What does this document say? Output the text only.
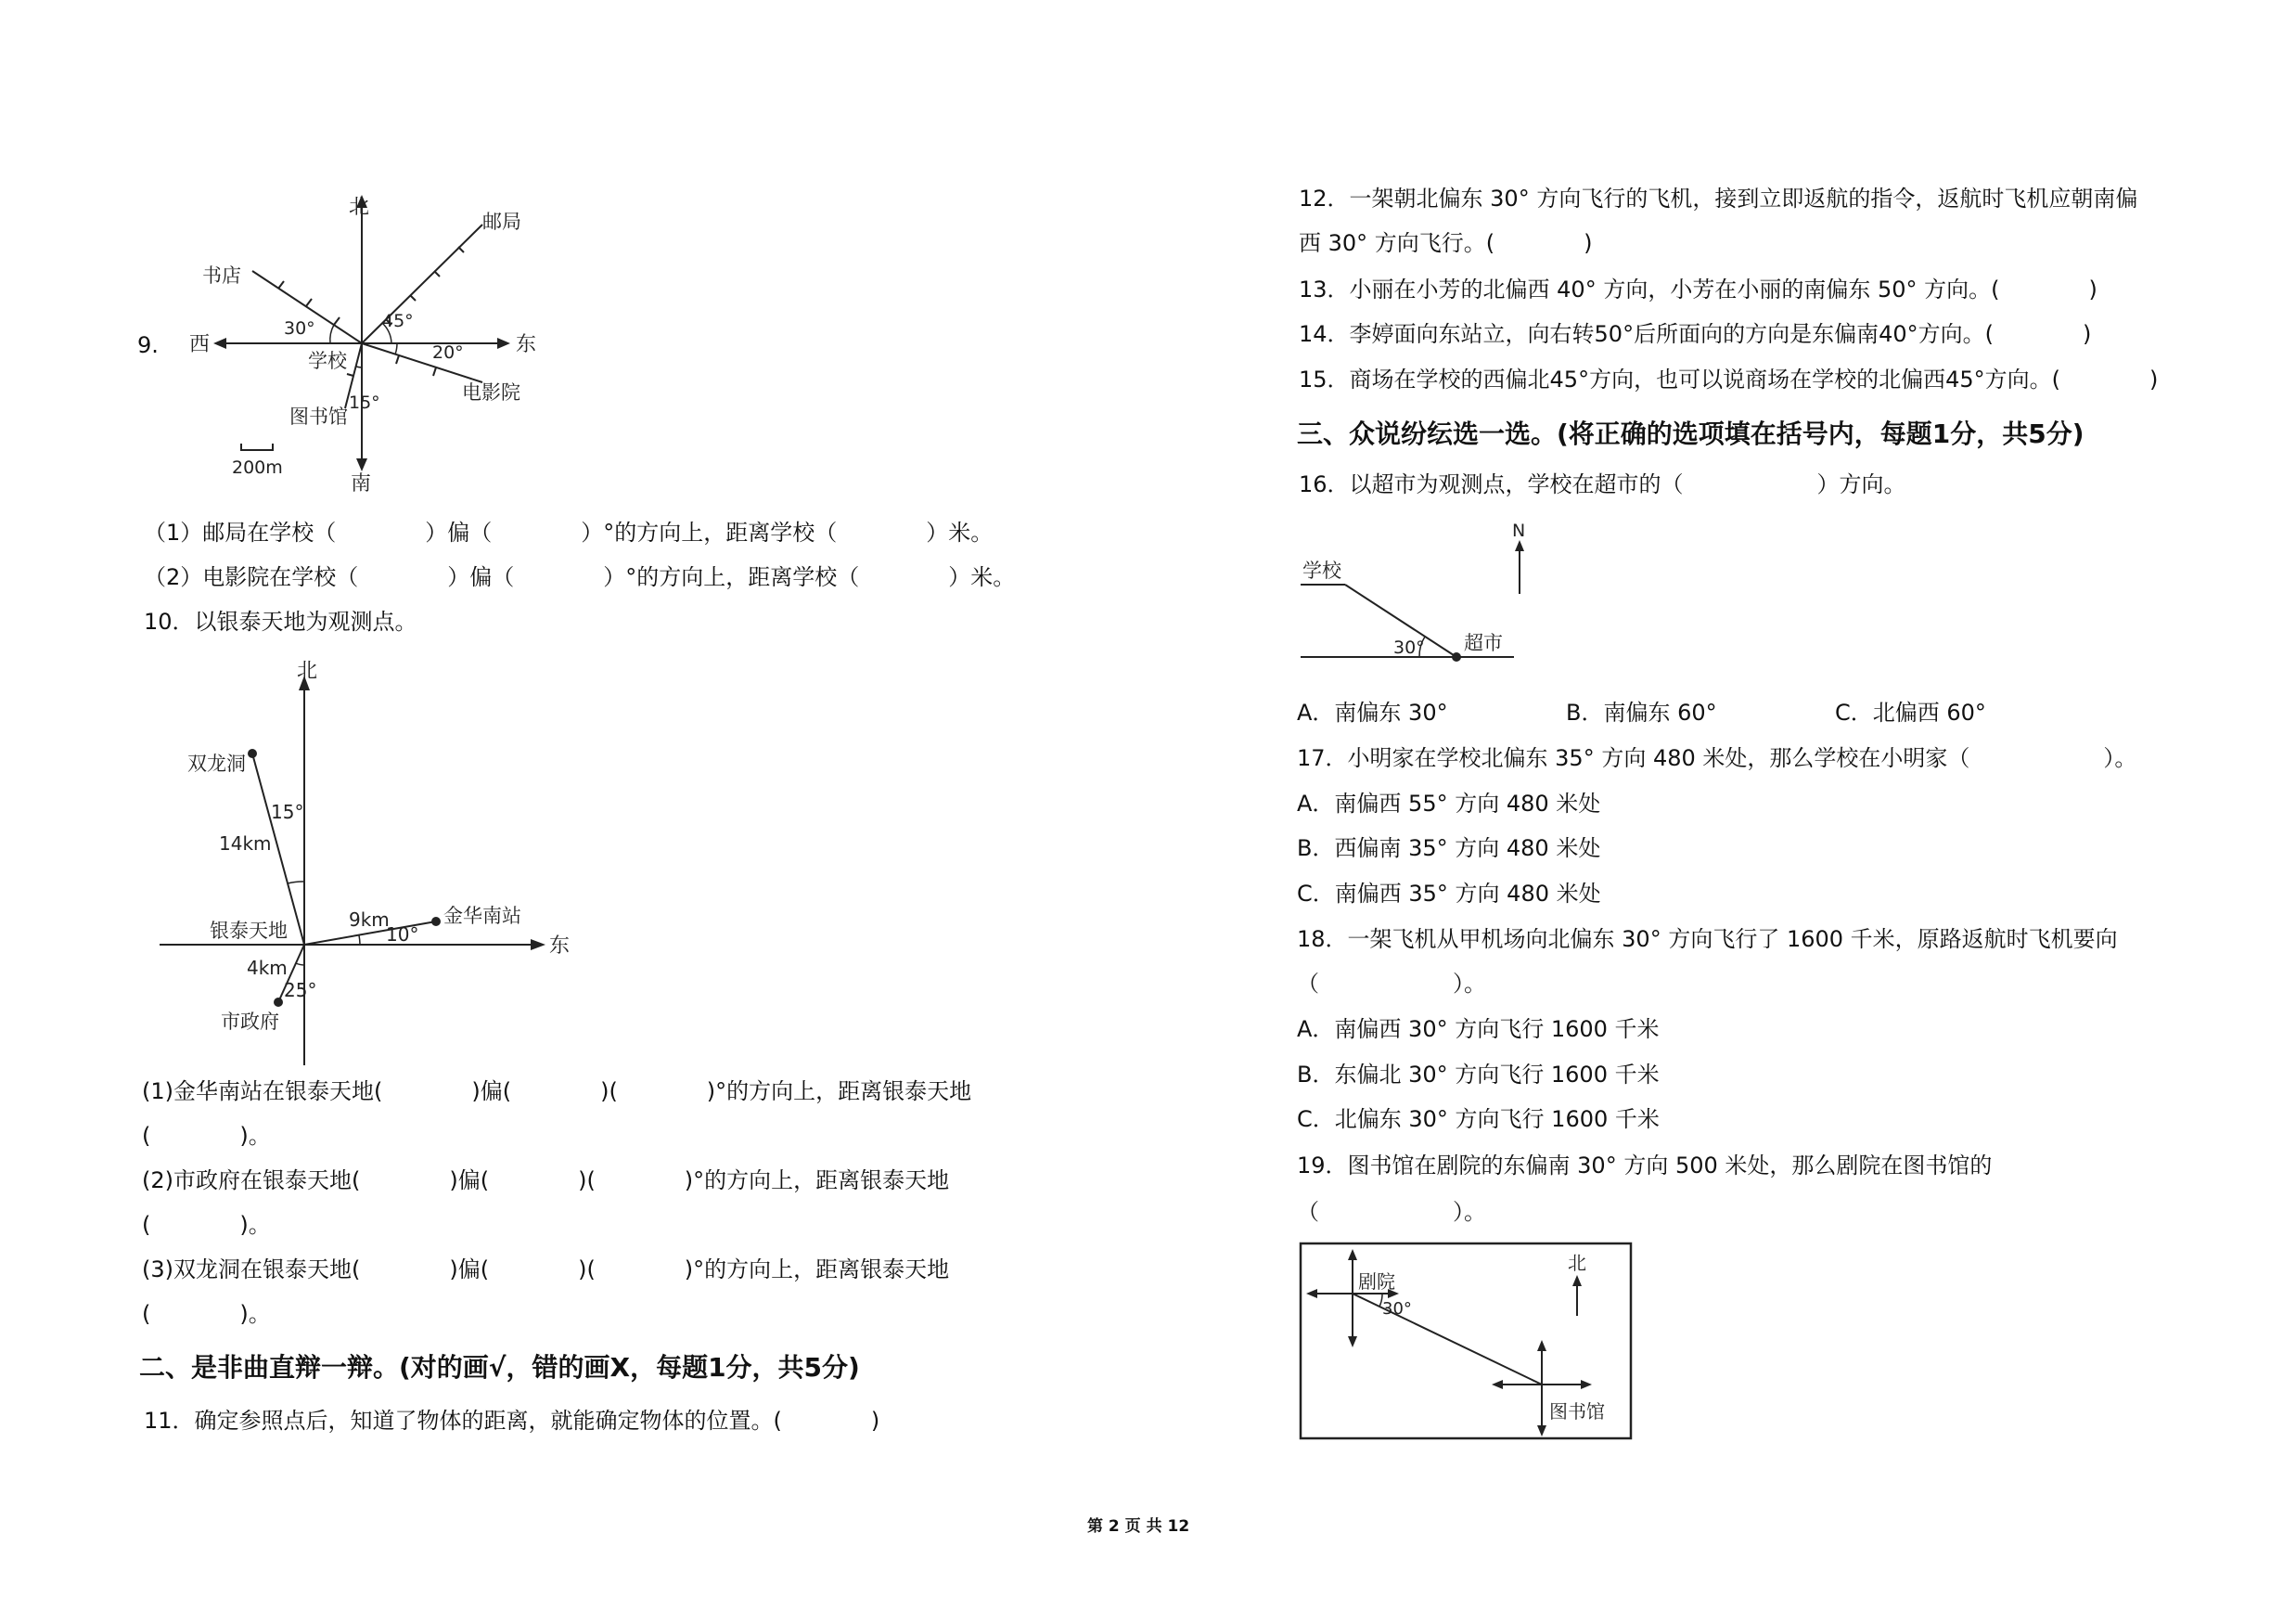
9.
北
南
西	东
学校
邮局
书店
电影院
图书馆
30°	45°
20°
15°
200m
（1）邮局在学校（　　　　）偏（　　　　）°的方向上，距离学校（　　　　）米。
（2）电影院在学校（　　　　）偏（　　　　）°的方向上，距离学校（　　　　）米。
10．以银泰天地为观测点。
北
东
银泰天地
双龙洞
金华南站
市政府
14km
15°
9km
10°
4km
25°
(1)金华南站在银泰天地(　　　　)偏(　　　　)(　　　　)°的方向上，距离银泰天地
(　　　　)。
(2)市政府在银泰天地(　　　　)偏(　　　　)(　　　　)°的方向上，距离银泰天地
(　　　　)。
(3)双龙洞在银泰天地(　　　　)偏(　　　　)(　　　　)°的方向上，距离银泰天地
(　　　　)。
二、是非曲直辩一辩。(对的画√，错的画X，每题1分，共5分)
11．确定参照点后，知道了物体的距离，就能确定物体的位置。(　　　　)
12．一架朝北偏东 30° 方向飞行的飞机，接到立即返航的指令，返航时飞机应朝南偏
西 30° 方向飞行。(　　　　)
13．小丽在小芳的北偏西 40° 方向，小芳在小丽的南偏东 50° 方向。(　　　　)
14．李婷面向东站立，向右转50°后所面向的方向是东偏南40°方向。(　　　　)
15．商场在学校的西偏北45°方向，也可以说商场在学校的北偏西45°方向。(　　　　)
三、众说纷纭选一选。(将正确的选项填在括号内，每题1分，共5分)
16．以超市为观测点，学校在超市的（　　　　　　）方向。
学校
超市
30°
N
A．南偏东 30°	B．南偏东 60°	C．北偏西 60°
17．小明家在学校北偏东 35° 方向 480 米处，那么学校在小明家（　　　　　　）。
A．南偏西 55° 方向 480 米处
B．西偏南 35° 方向 480 米处
C．南偏西 35° 方向 480 米处
18．一架飞机从甲机场向北偏东 30° 方向飞行了 1600 千米，原路返航时飞机要向
（　　　　　　）。
A．南偏西 30° 方向飞行 1600 千米
B．东偏北 30° 方向飞行 1600 千米
C．北偏东 30° 方向飞行 1600 千米
19．图书馆在剧院的东偏南 30° 方向 500 米处，那么剧院在图书馆的
（　　　　　　）。
剧院
30°
图书馆
北
第 2 页 共 12
